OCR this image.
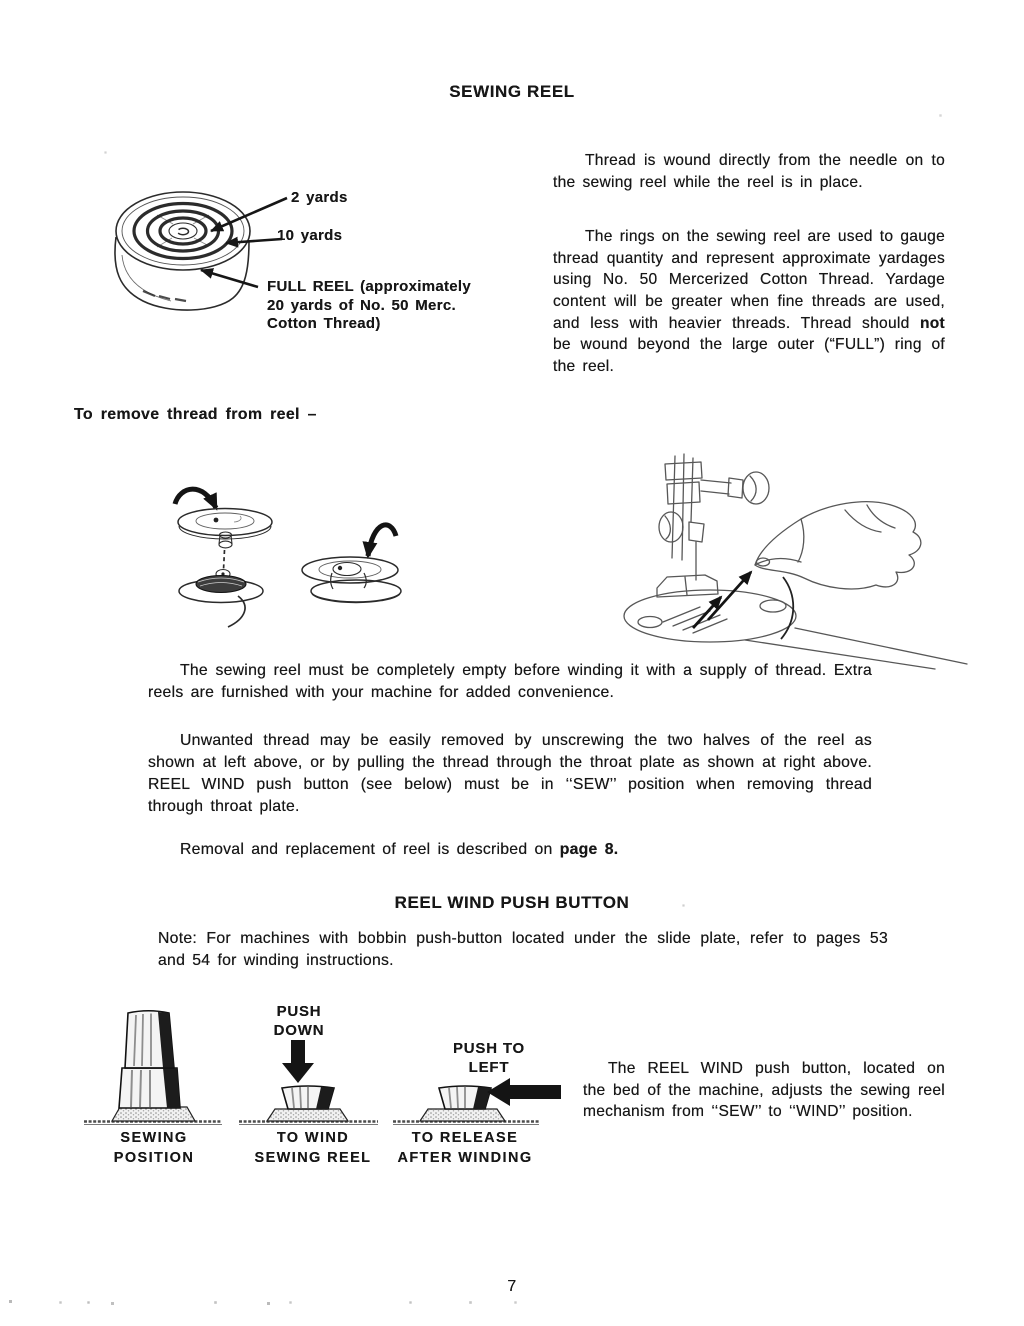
SEWING REEL
2 yards
10 yards
FULL REEL (approximately
20 yards of No. 50 Merc.
Cotton Thread)

Thread is wound directly from the needle on to the sewing reel while the reel is in place.

The rings on the sewing reel are used to gauge thread quantity and represent approximate yardages using No. 50 Mercerized Cotton Thread. Yardage content will be greater when fine threads are used, and less with heavier threads. Thread should not be wound beyond the large outer (“FULL”) ring of the reel.

To remove thread from reel –

The sewing reel must be completely empty before winding it with a supply of thread. Extra reels are furnished with your machine for added convenience.

Unwanted thread may be easily removed by unscrewing the two halves of the reel as shown at left above, or by pulling the thread through the throat plate as shown at right above. REEL WIND push button (see below) must be in ‘‘SEW’’ position when removing thread through throat plate.

Removal and replacement of reel is described on page 8.

REEL WIND PUSH BUTTON

Note: For machines with bobbin push-button located under the slide plate, refer to pages 53 and 54 for winding instructions.

PUSH
DOWN
PUSH TO
LEFT
SEWING
POSITION
TO WIND
SEWING REEL
TO RELEASE
AFTER WINDING

The REEL WIND push button, located on the bed of the machine, adjusts the sewing reel mechanism from ‘‘SEW’’ to ‘‘WIND’’ position.

7
